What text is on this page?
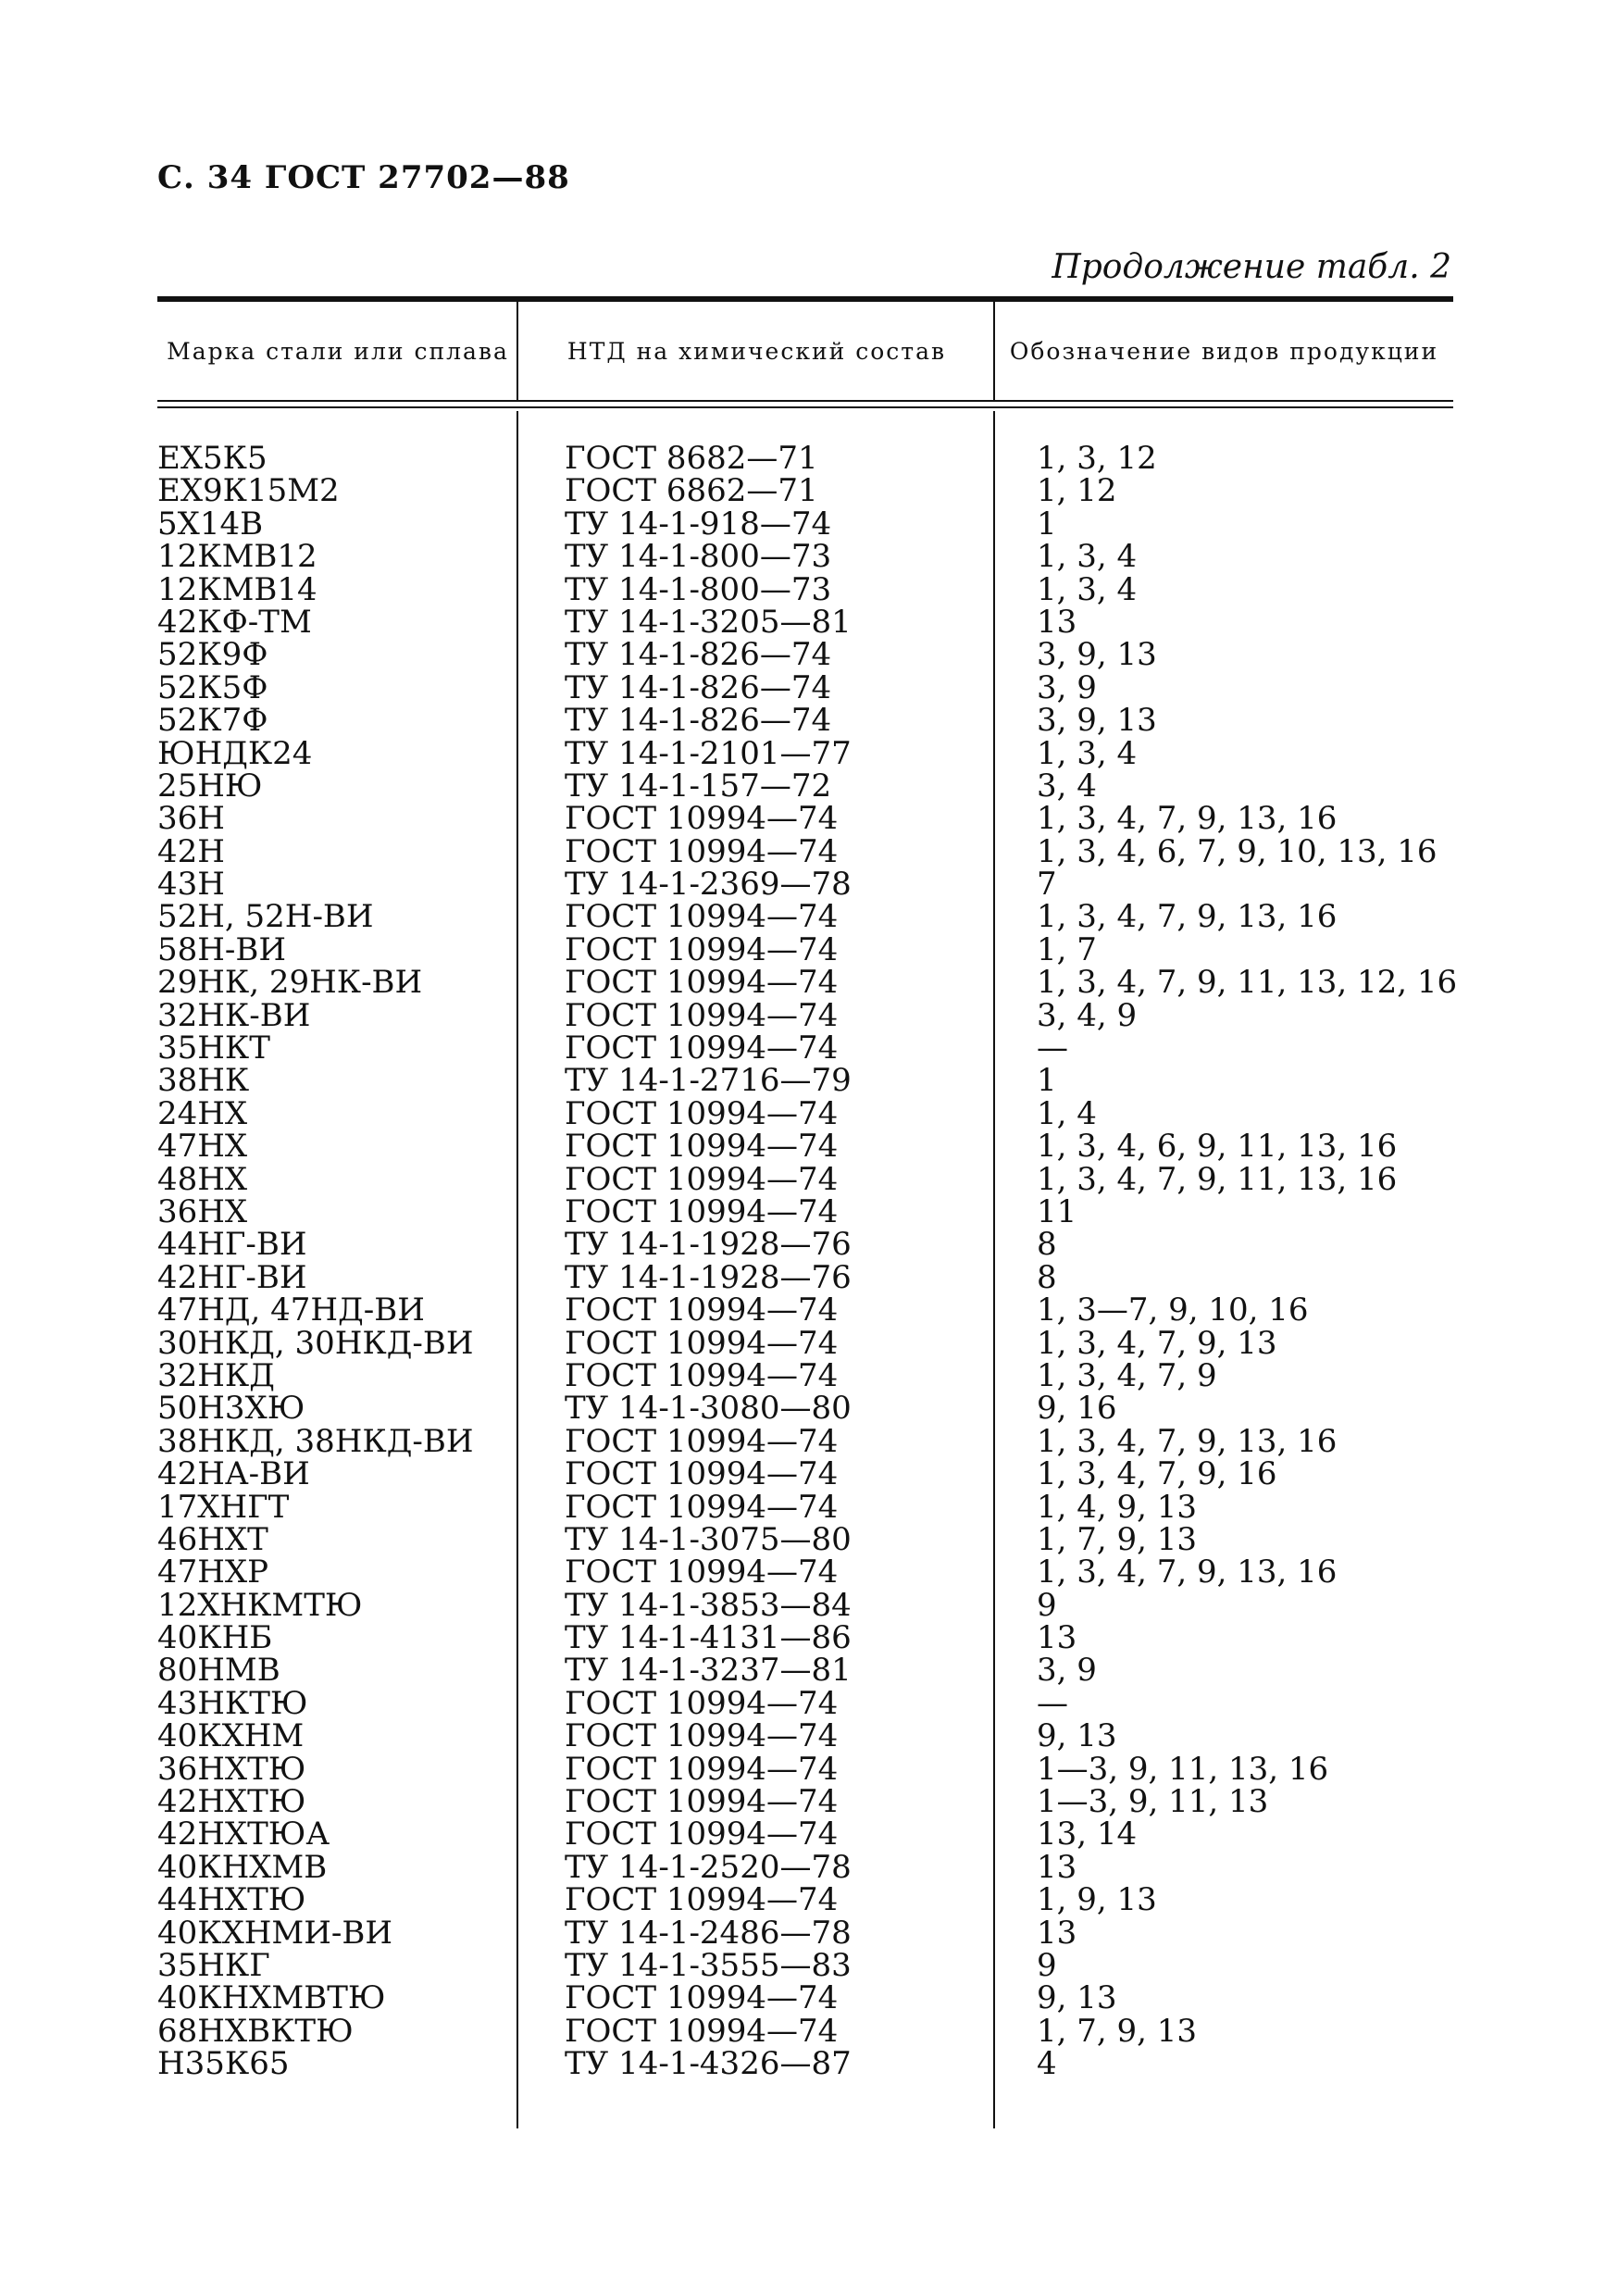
С. 34 ГОСТ 27702—88
Продолжение табл. 2
Марка стали или сплава	НТД на химический состав	Обозначение видов продукции
ЕХ5К5	ГОСТ 8682—71	1, 3, 12
ЕХ9К15М2	ГОСТ 6862—71	1, 12
5Х14В	ТУ 14-1-918—74	1
12КМВ12	ТУ 14-1-800—73	1, 3, 4
12КМВ14	ТУ 14-1-800—73	1, 3, 4
42КФ-ТМ	ТУ 14-1-3205—81	13
52К9Ф	ТУ 14-1-826—74	3, 9, 13
52К5Ф	ТУ 14-1-826—74	3, 9
52К7Ф	ТУ 14-1-826—74	3, 9, 13
ЮНДК24	ТУ 14-1-2101—77	1, 3, 4
25НЮ	ТУ 14-1-157—72	3, 4
36Н	ГОСТ 10994—74	1, 3, 4, 7, 9, 13, 16
42Н	ГОСТ 10994—74	1, 3, 4, 6, 7, 9, 10, 13, 16
43Н	ТУ 14-1-2369—78	7
52Н, 52Н-ВИ	ГОСТ 10994—74	1, 3, 4, 7, 9, 13, 16
58Н-ВИ	ГОСТ 10994—74	1, 7
29НК, 29НК-ВИ	ГОСТ 10994—74	1, 3, 4, 7, 9, 11, 13, 12, 16
32НК-ВИ	ГОСТ 10994—74	3, 4, 9
35НКТ	ГОСТ 10994—74	—
38НК	ТУ 14-1-2716—79	1
24НХ	ГОСТ 10994—74	1, 4
47НХ	ГОСТ 10994—74	1, 3, 4, 6, 9, 11, 13, 16
48НХ	ГОСТ 10994—74	1, 3, 4, 7, 9, 11, 13, 16
36НХ	ГОСТ 10994—74	11
44НГ-ВИ	ТУ 14-1-1928—76	8
42НГ-ВИ	ТУ 14-1-1928—76	8
47НД, 47НД-ВИ	ГОСТ 10994—74	1, 3—7, 9, 10, 16
30НКД, 30НКД-ВИ	ГОСТ 10994—74	1, 3, 4, 7, 9, 13
32НКД	ГОСТ 10994—74	1, 3, 4, 7, 9
50Н3ХЮ	ТУ 14-1-3080—80	9, 16
38НКД, 38НКД-ВИ	ГОСТ 10994—74	1, 3, 4, 7, 9, 13, 16
42НА-ВИ	ГОСТ 10994—74	1, 3, 4, 7, 9, 16
17ХНГТ	ГОСТ 10994—74	1, 4, 9, 13
46НХТ	ТУ 14-1-3075—80	1, 7, 9, 13
47НХР	ГОСТ 10994—74	1, 3, 4, 7, 9, 13, 16
12ХНКМТЮ	ТУ 14-1-3853—84	9
40КНБ	ТУ 14-1-4131—86	13
80НМВ	ТУ 14-1-3237—81	3, 9
43НКТЮ	ГОСТ 10994—74	—
40КХНМ	ГОСТ 10994—74	9, 13
36НХТЮ	ГОСТ 10994—74	1—3, 9, 11, 13, 16
42НХТЮ	ГОСТ 10994—74	1—3, 9, 11, 13
42НХТЮА	ГОСТ 10994—74	13, 14
40КНХМВ	ТУ 14-1-2520—78	13
44НХТЮ	ГОСТ 10994—74	1, 9, 13
40КХНМИ-ВИ	ТУ 14-1-2486—78	13
35НКГ	ТУ 14-1-3555—83	9
40КНХМВТЮ	ГОСТ 10994—74	9, 13
68НХВКТЮ	ГОСТ 10994—74	1, 7, 9, 13
Н35К65	ТУ 14-1-4326—87	4
